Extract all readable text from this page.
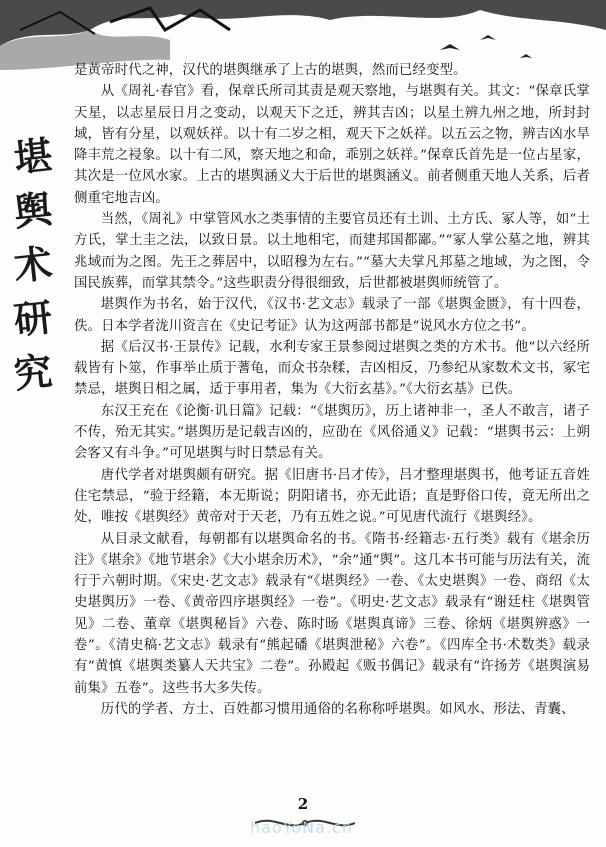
堪
舆
术
研
究

是黄帝时代之神，汉代的堪舆继承了上古的堪舆，然而已经变型。

从《周礼·春官》看，保章氏所司其责是观天察地，与堪舆有关。其文：“保章氏掌天星，以志星辰日月之变动，以观天下之迁，辨其吉凶；以星土辨九州之地，所封封域，皆有分星，以观妖祥。以十有二岁之相，观天下之妖祥。以五云之物，辨吉凶水旱降丰荒之祲象。以十有二风，察天地之和命，乖别之妖祥。”保章氏首先是一位占星家，其次是一位风水家。上古的堪舆涵义大于后世的堪舆涵义。前者侧重天地人关系，后者侧重宅地吉凶。

当然，《周礼》中掌管风水之类事情的主要官员还有土训、土方氏、冢人等，如“土方氏，掌土圭之法，以致日景。以土地相宅，而建邦国都鄙。”“冢人掌公墓之地，辨其兆域而为之图。先王之葬居中，以昭穆为左右。”“墓大夫掌凡邦墓之地域，为之图，令国民族葬，而掌其禁令。”这些职责分得很细致，后世都被堪舆师统管了。

堪舆作为书名，始于汉代，《汉书·艺文志》载录了一部《堪舆金匮》，有十四卷，佚。日本学者泷川资言在《史记考证》认为这两部书都是“说风水方位之书”。

据《后汉书·王景传》记载，水利专家王景参阅过堪舆之类的方术书。他“以六经所载皆有卜筮，作事举止质于蓍龟，而众书杂糅，吉凶相反，乃参纪从家数术文书，冢宅禁忌，堪舆日相之属，适于事用者，集为《大衍玄基》。”《大衍玄基》已佚。

东汉王充在《论衡·讥日篇》记载：“《堪舆历》，历上诸神非一，圣人不敢言，诸子不传，殆无其实。”堪舆历是记载吉凶的，应劭在《风俗通义》记载：“堪舆书云：上朔会客又有斗争。”可见堪舆与时日禁忌有关。

唐代学者对堪舆颇有研究。据《旧唐书·吕才传》，吕才整理堪舆书，他考证五音姓住宅禁忌，“验于经籍，本无斯说；阴阳诸书，亦无此语；直是野俗口传，竟无所出之处，唯按《堪舆经》黄帝对于天老，乃有五姓之说。”可见唐代流行《堪舆经》。

从目录文献看，每朝都有以堪舆命名的书。《隋书·经籍志·五行类》载有《堪余历注》《堪余》《地节堪余》《大小堪余历术》，“余”通“舆”。这几本书可能与历法有关，流行于六朝时期。《宋史·艺文志》载录有“《堪舆经》一卷、《太史堪舆》一卷、商绍《太史堪舆历》一卷、《黄帝四序堪舆经》一卷”。《明史·艺文志》载录有“谢廷柱《堪舆管见》二卷、董章《堪舆秘旨》六卷、陈时旸《堪舆真谛》三卷、徐炳《堪舆辨惑》一卷”。《清史稿·艺文志》载录有“熊起磻《堪舆泄秘》六卷”。《四库全书·术数类》载录有“黄慎《堪舆类纂人天共宝》二卷”。孙殿起《贩书偶记》载录有“许扬芳《堪舆演易前集》五卷”。这些书大多失传。

历代的学者、方士、百姓都习惯用通俗的名称称呼堪舆。如风水、形法、青囊、

2
haoYoNa.cn
